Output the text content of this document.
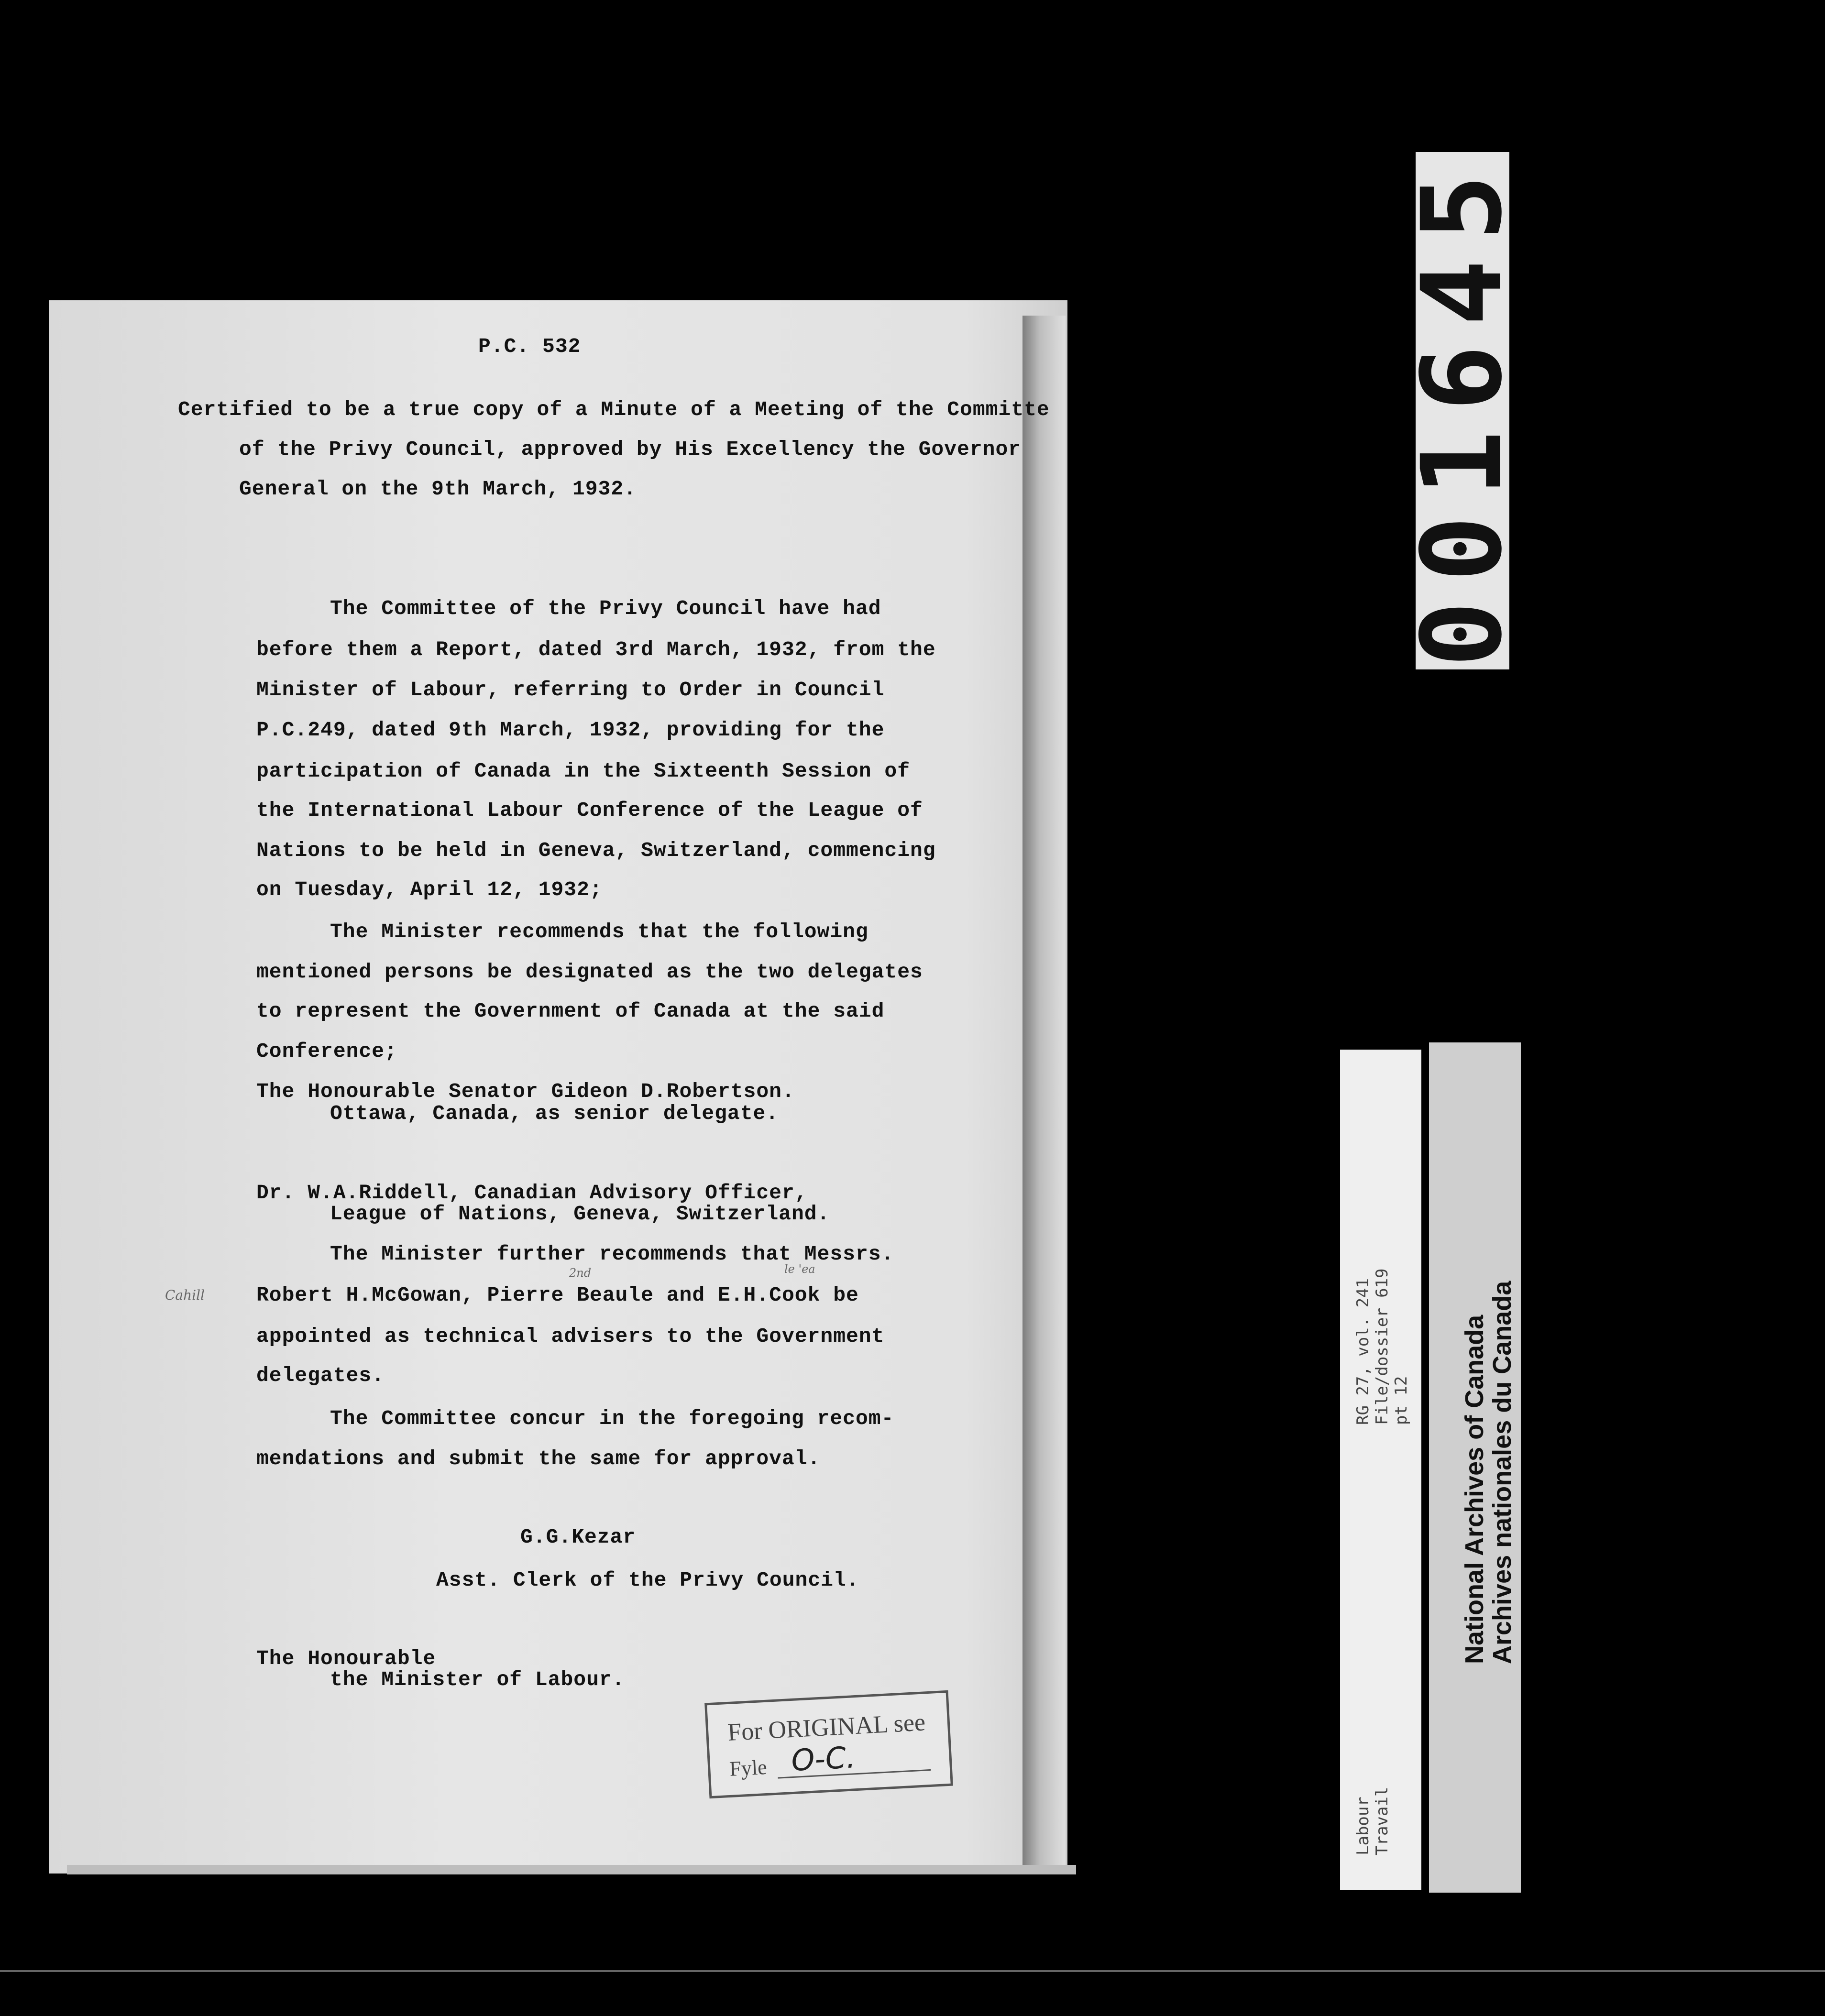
P.C. 532
Certified to be a true copy of a Minute of a Meeting of the Committe
of the Privy Council, approved by His Excellency the Governor
General on the 9th March, 1932.
The Committee of the Privy Council have had
before them a Report, dated 3rd March, 1932, from the
Minister of Labour, referring to Order in Council
P.C.249, dated 9th March, 1932, providing for the
participation of Canada in the Sixteenth Session of
the International Labour Conference of the League of
Nations to be held in Geneva, Switzerland, commencing
on Tuesday, April 12, 1932;
The Minister recommends that the following
mentioned persons be designated as the two delegates
to represent the Government of Canada at the said
Conference;
The Honourable Senator Gideon D.Robertson.
Ottawa, Canada, as senior delegate.
Dr. W.A.Riddell, Canadian Advisory Officer,
League of Nations, Geneva, Switzerland.
The Minister further recommends that Messrs.
Robert H.McGowan, Pierre Beaule and E.H.Cook be
appointed as technical advisers to the Government
delegates.
The Committee concur in the foregoing recom-
mendations and submit the same for approval.
G.G.Kezar
Asst. Clerk of the Privy Council.
The Honourable
the Minister of Labour.
Cahill
2nd	le 'ea
For ORIGINAL see
Fyle O-C.
001645
RG 27, vol. 241 File/dossier 619 pt 12
Labour Travail
National Archives of Canada
Archives nationales du Canada
